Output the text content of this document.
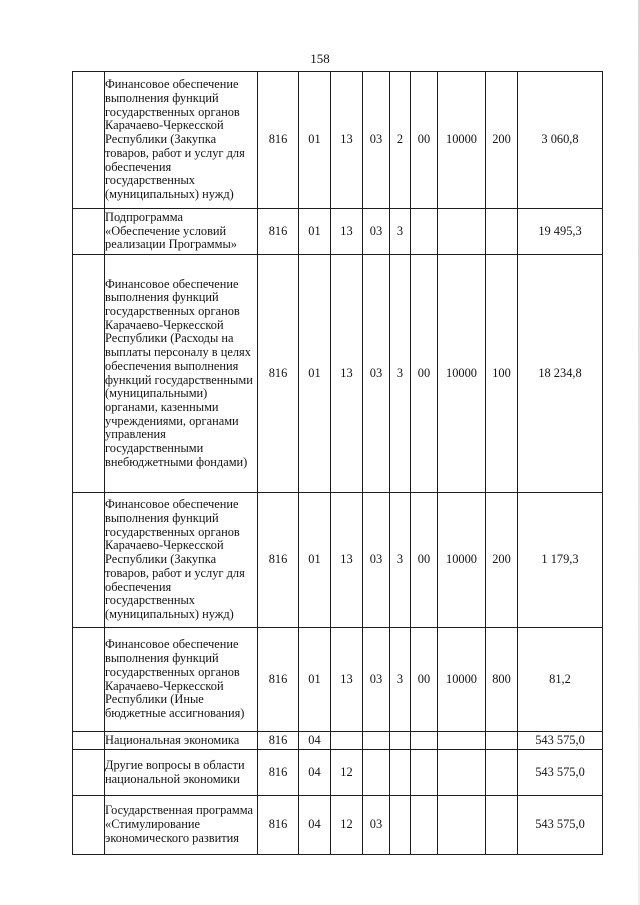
158
	Финансовое обеспечение выполнения функций государственных органов Карачаево-Черкесской Республики (Закупка товаров, работ и услуг для обеспечения государственных (муниципальных) нужд)	816	01	13	03	2	00	10000	200	3 060,8
	Подпрограмма «Обеспечение условий реализации Программы»	816	01	13	03	3				19 495,3
	Финансовое обеспечение выполнения функций государственных органов Карачаево-Черкесской Республики (Расходы на выплаты персоналу в целях обеспечения выполнения функций государственными (муниципальными) органами, казенными учреждениями, органами управления государственными внебюджетными фондами)	816	01	13	03	3	00	10000	100	18 234,8
	Финансовое обеспечение выполнения функций государственных органов Карачаево-Черкесской Республики (Закупка товаров, работ и услуг для обеспечения государственных (муниципальных) нужд)	816	01	13	03	3	00	10000	200	1 179,3
	Финансовое обеспечение выполнения функций государственных органов Карачаево-Черкесской Республики (Иные бюджетные ассигнования)	816	01	13	03	3	00	10000	800	81,2
	Национальная экономика	816	04							543 575,0
	Другие вопросы в области национальной экономики	816	04	12						543 575,0
	Государственная программа «Стимулирование экономического развития	816	04	12	03					543 575,0
